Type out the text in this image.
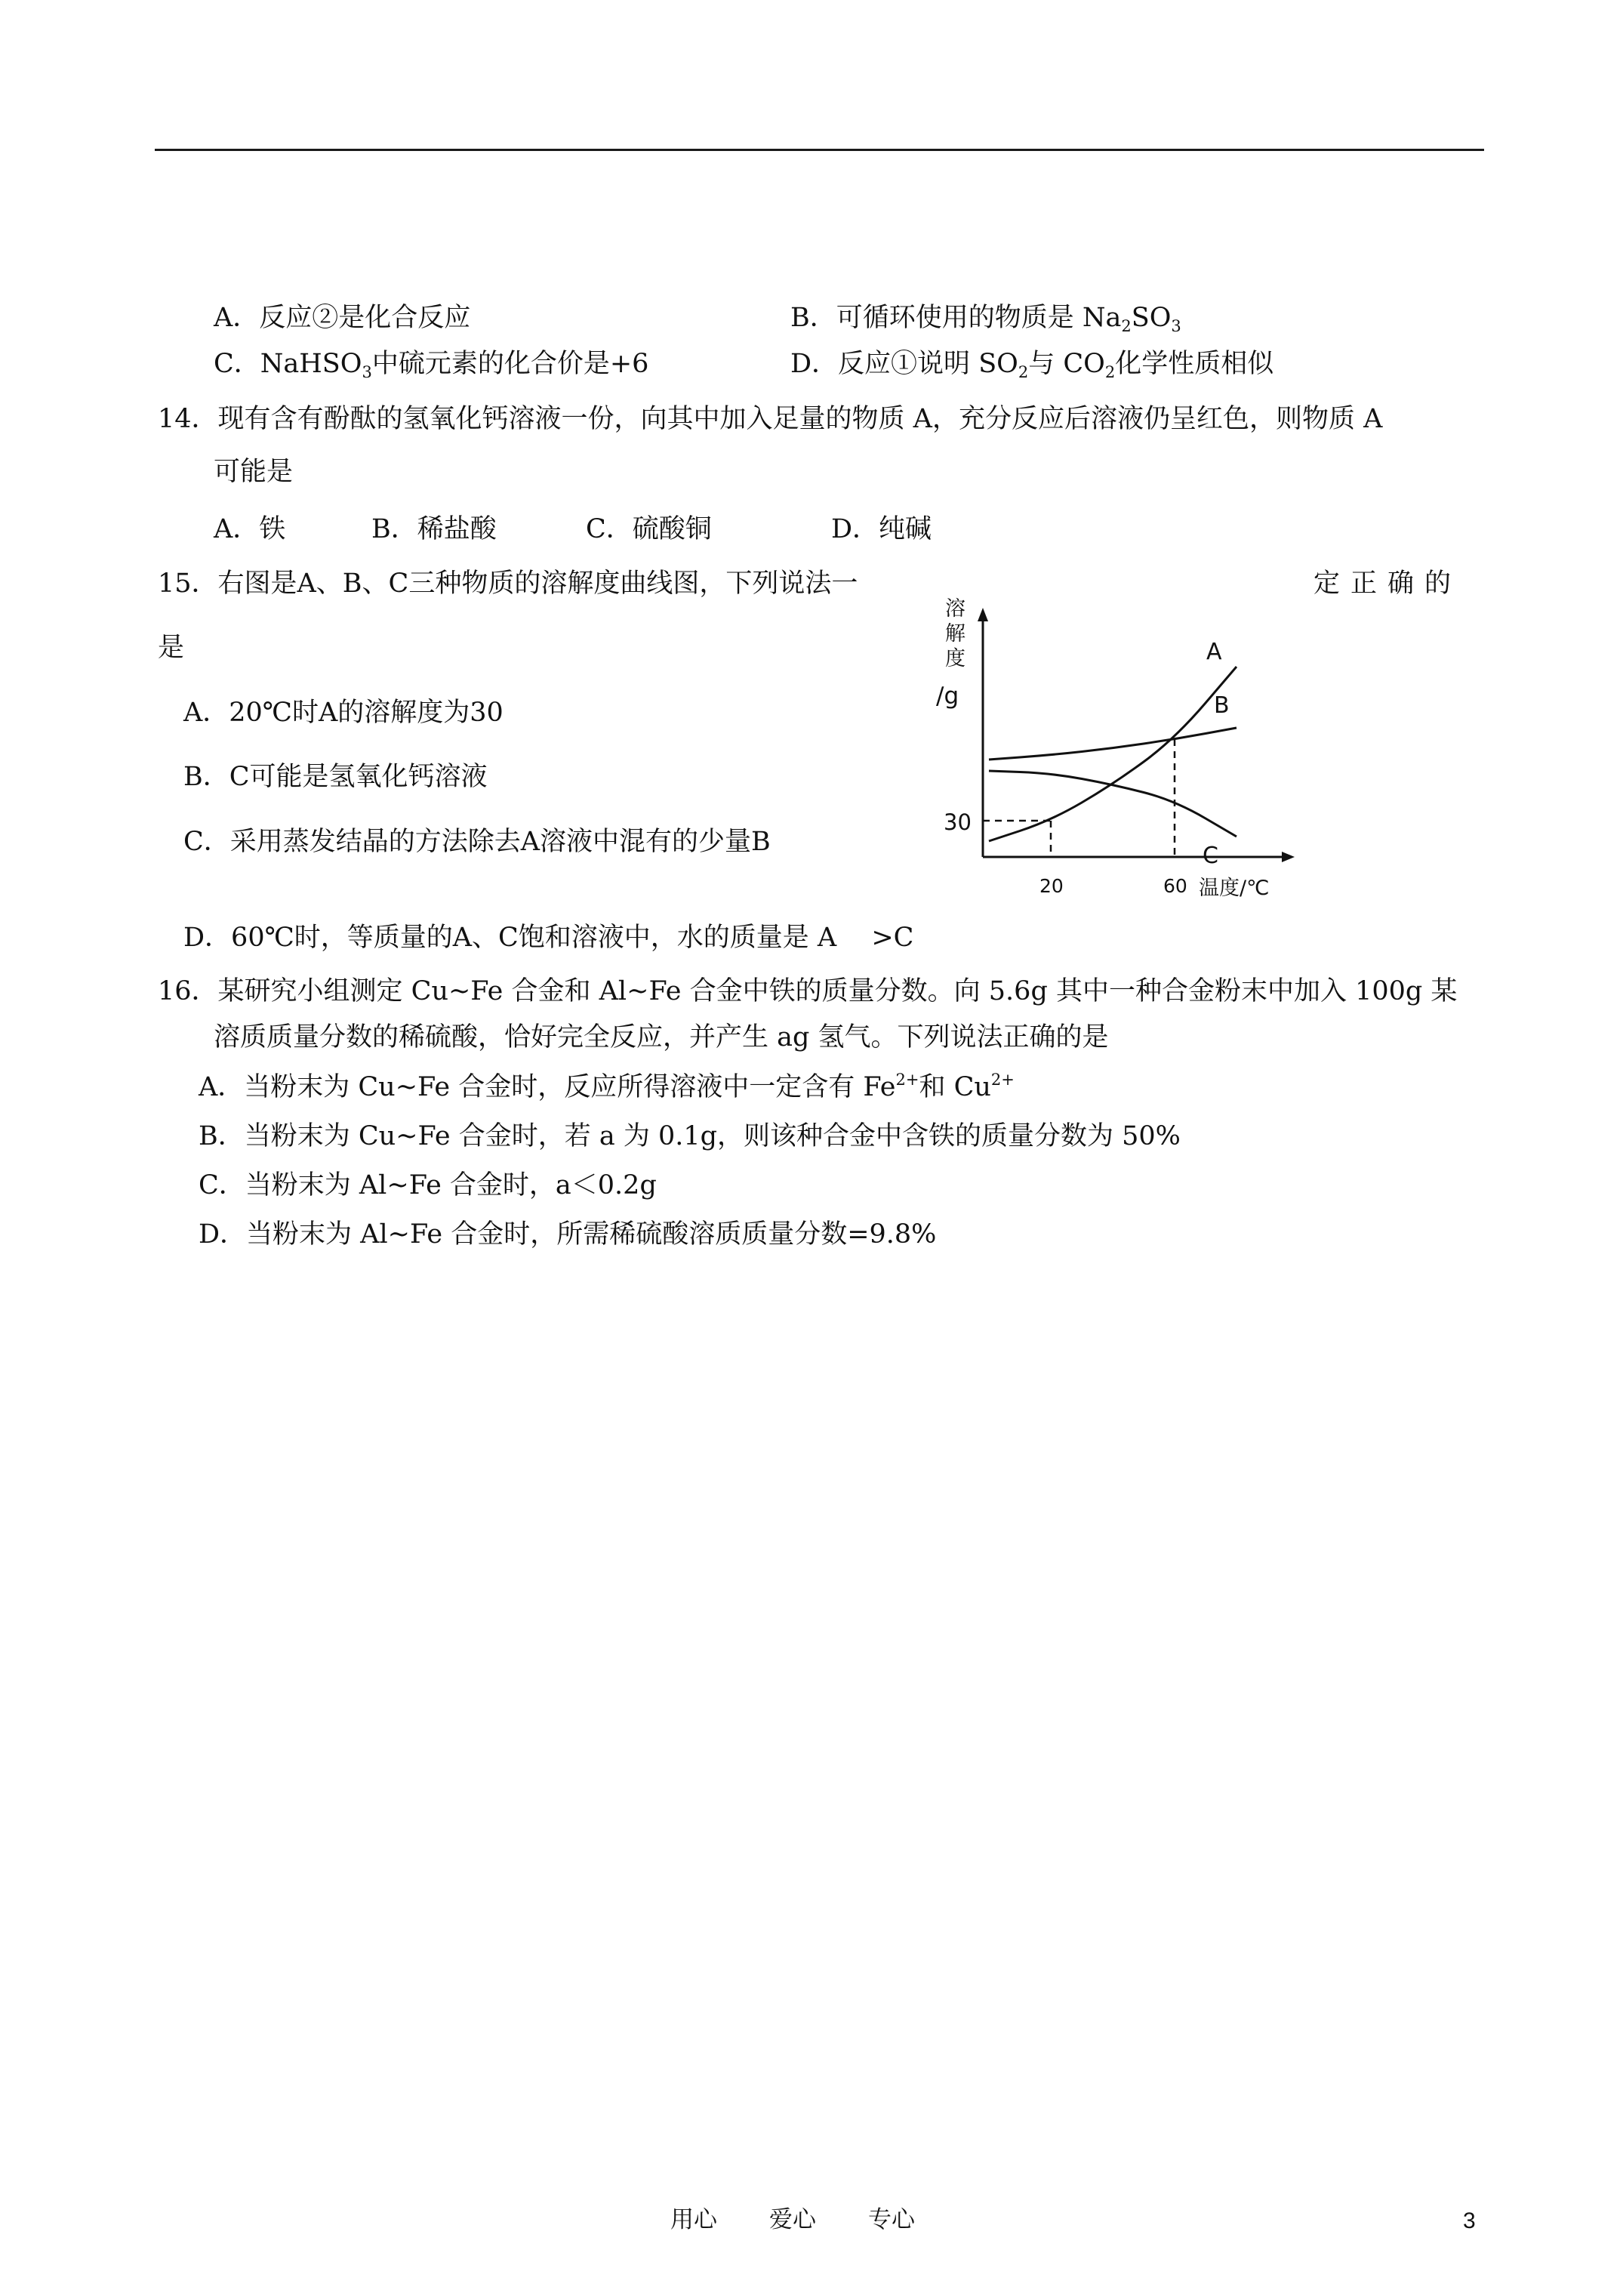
A．反应②是化合反应	B．可循环使用的物质是 $Na_2SO_3$
C．NaHSO$_3$中硫元素的化合价是+6	D．反应①说明 $SO_2$与 $CO_2$化学性质相似
14．现有含有酚酞的氢氧化钙溶液一份，向其中加入足量的物质 A，充分反应后溶液仍呈红色，则物质 A
可能是
A．铁	B．稀盐酸	C．硫酸铜	D．纯碱
15．右图是A、B、C三种物质的溶解度曲线图，下列说法一	定正确的
是
A．20℃时A的溶解度为30
B．C可能是氢氧化钙溶液
C．采用蒸发结晶的方法除去A溶液中混有的少量B
D．60℃时，等质量的A、C饱和溶液中，水的质量是 A　 >C
溶
解
度
/g
温度/℃
A
B
C
20	60
30
16．某研究小组测定 Cu~Fe 合金和 Al~Fe 合金中铁的质量分数。向 5.6g 其中一种合金粉末中加入 100g 某
溶质质量分数的稀硫酸，恰好完全反应，并产生 ag 氢气。下列说法正确的是
A．当粉末为 Cu~Fe 合金时，反应所得溶液中一定含有 $Fe^{2+}$和 $Cu^{2+}$
B．当粉末为 Cu~Fe 合金时，若 a 为 0.1g，则该种合金中含铁的质量分数为 50%
C．当粉末为 Al~Fe 合金时，a＜0.2g
D．当粉末为 Al~Fe 合金时，所需稀硫酸溶质质量分数=9.8%
用心 爱心 专心	3
